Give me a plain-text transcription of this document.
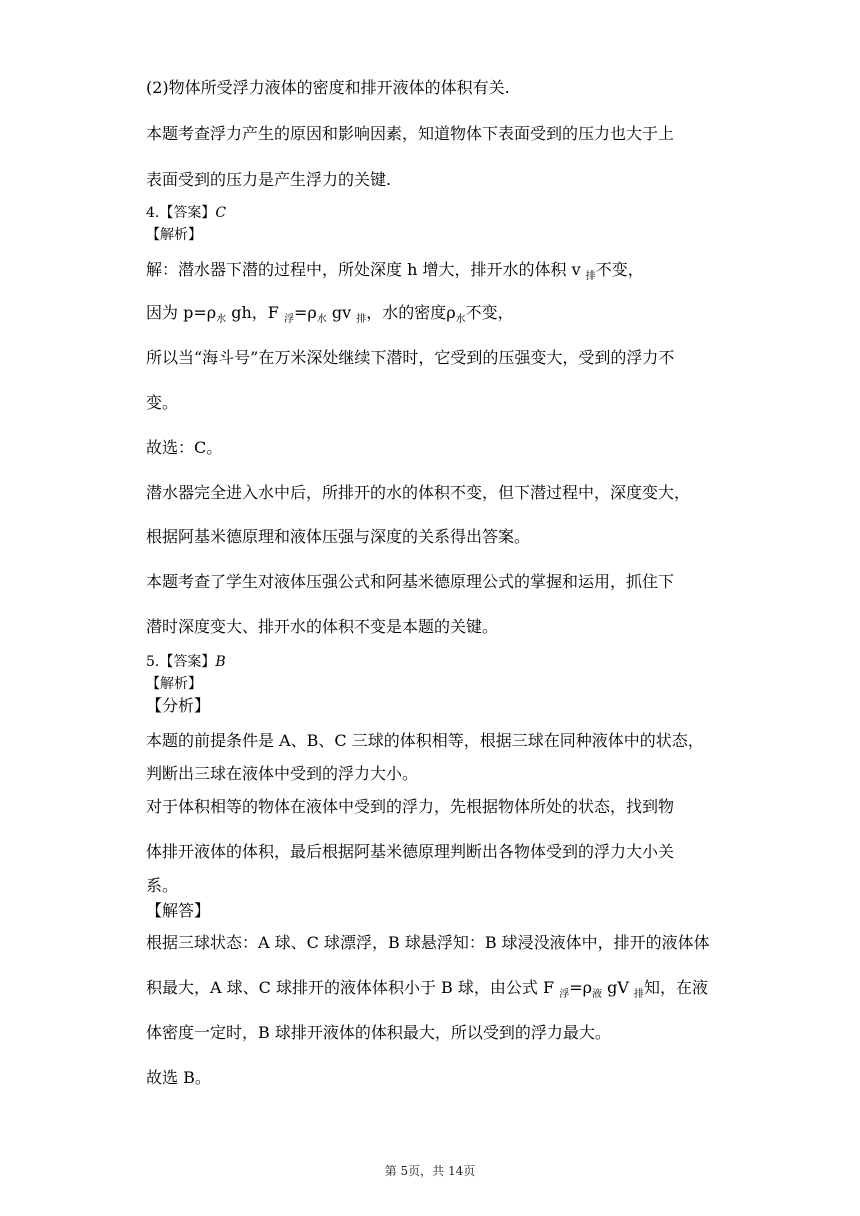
(2)物体所受浮力液体的密度和排开液体的体积有关.
本题考查浮力产生的原因和影响因素，知道物体下表面受到的压力也大于上
表面受到的压力是产生浮力的关键.
4.【答案】C
【解析】
解：潜水器下潜的过程中，所处深度 h 增大，排开水的体积 v $_排$不变，
因为 $p=\rho_水$ gh，F $_浮=\rho_水$ gv $_排$，水的密度$\rho_水$不变，
所以当“海斗号”在万米深处继续下潜时，它受到的压强变大，受到的浮力不
变。
故选：C。
潜水器完全进入水中后，所排开的水的体积不变，但下潜过程中，深度变大，
根据阿基米德原理和液体压强与深度的关系得出答案。
本题考查了学生对液体压强公式和阿基米德原理公式的掌握和运用，抓住下
潜时深度变大、排开水的体积不变是本题的关键。
5.【答案】B
【解析】
【分析】
本题的前提条件是 A、B、C 三球的体积相等，根据三球在同种液体中的状态，
判断出三球在液体中受到的浮力大小。
对于体积相等的物体在液体中受到的浮力，先根据物体所处的状态，找到物
体排开液体的体积，最后根据阿基米德原理判断出各物体受到的浮力大小关
系。
【解答】
根据三球状态：A 球、C 球漂浮，B 球悬浮知：B 球浸没液体中，排开的液体体
积最大，A 球、C 球排开的液体体积小于 B 球，由公式 F $_浮=\rho_液$ gV $_排$知，在液
体密度一定时，B 球排开液体的体积最大，所以受到的浮力最大。
故选 B。
第 5页，共 14页
